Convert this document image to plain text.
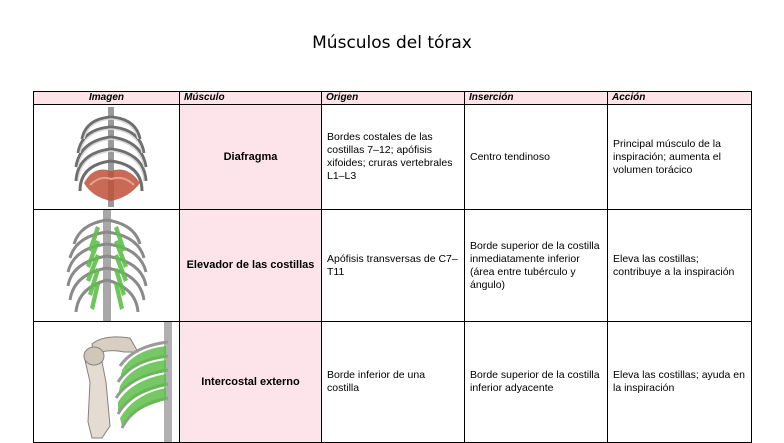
Músculos del tórax
Imagen	Músculo	Origen	Inserción	Acción

	Diafragma	Bordes costales de las costillas 7–12; apófisis xifoides; cruras vertebrales L1–L3	Centro tendinoso	Principal músculo de la inspiración; aumenta el volumen torácico

	Elevador de las costillas	Apófisis transversas de C7–T11	Borde superior de la costilla inmediatamente inferior (área entre tubérculo y ángulo)	Eleva las costillas; contribuye a la inspiración

	Intercostal externo	Borde inferior de una costilla	Borde superior de la costilla inferior adyacente	Eleva las costillas; ayuda en la inspiración
